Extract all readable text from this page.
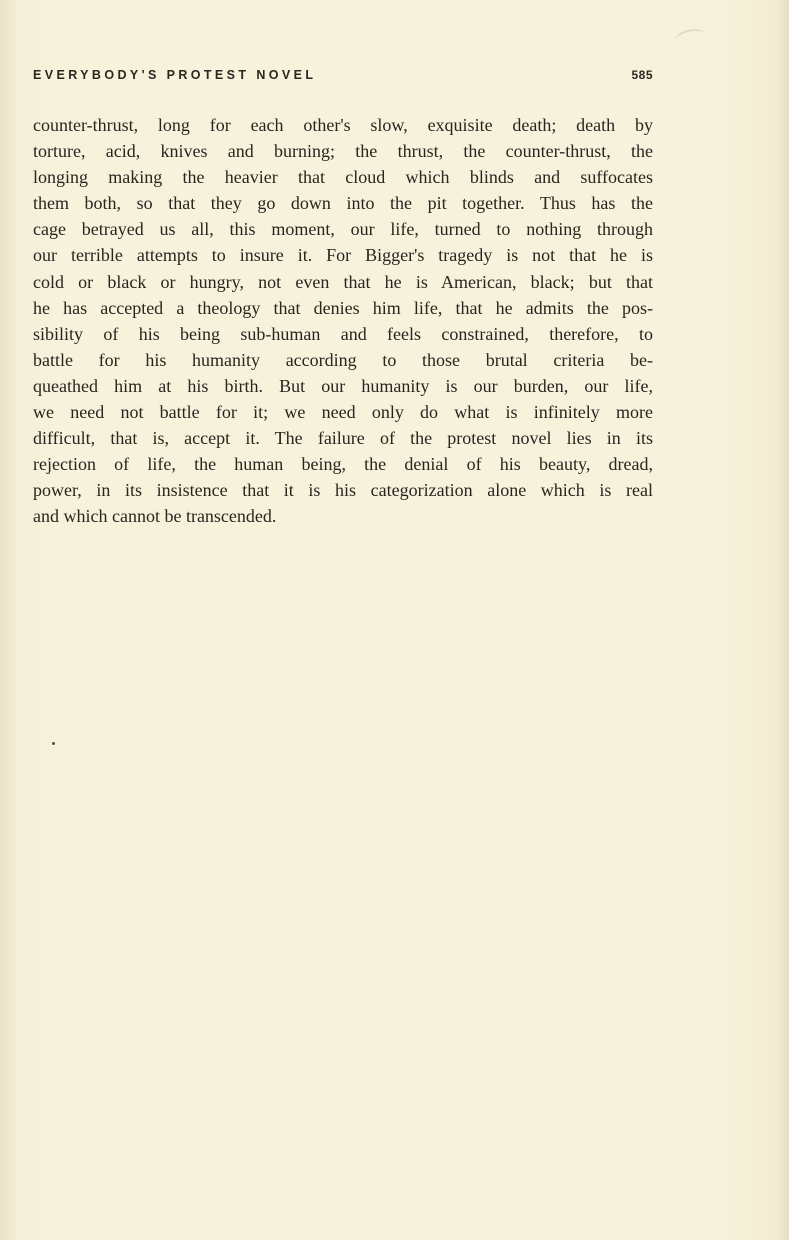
⌒
EVERYBODY'S PROTEST NOVEL	585

counter-thrust, long for each other's slow, exquisite death; death by
torture, acid, knives and burning; the thrust, the counter-thrust, the
longing making the heavier that cloud which blinds and suffocates
them both, so that they go down into the pit together. Thus has the
cage betrayed us all, this moment, our life, turned to nothing through
our terrible attempts to insure it. For Bigger's tragedy is not that he is
cold or black or hungry, not even that he is American, black; but that
he has accepted a theology that denies him life, that he admits the pos-
sibility of his being sub-human and feels constrained, therefore, to
battle for his humanity according to those brutal criteria be-
queathed him at his birth. But our humanity is our burden, our life,
we need not battle for it; we need only do what is infinitely more
difficult, that is, accept it. The failure of the protest novel lies in its
rejection of life, the human being, the denial of his beauty, dread,
power, in its insistence that it is his categorization alone which is real
and which cannot be transcended.
